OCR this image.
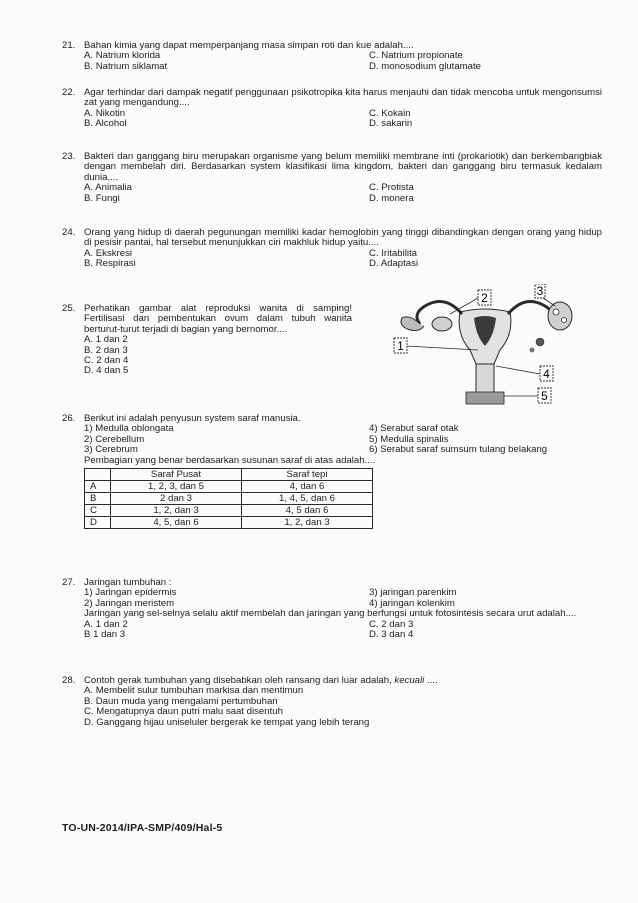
21. Bahan kimia yang dapat memperpanjang masa simpan roti dan kue adalah....
A. Natrium klorida	C. Natrium propionate
B. Natrium siklamat	D. monosodium glutamate
22. Agar terhindar dari dampak negatif penggunaan psikotropika kita harus menjauhi dan tidak mencoba untuk mengonsumsi zat yang mengandung....
A. Nikotin	C. Kokain
B. Alcohol	D. sakarin
23. Bakteri dan ganggang biru merupakan organisme yang belum memiliki membrane inti (prokariotik) dan berkembangbiak dengan membelah diri. Berdasarkan system klasifikasi lima kingdom, bakteri dan ganggang biru termasuk kedalam dunia....
A. Animalia	C. Protista
B. Fungi	D. monera
24. Orang yang hidup di daerah pegunungan memiliki kadar hemoglobin yang tinggi dibandingkan dengan orang yang hidup di pesisir pantai, hal tersebut menunjukkan ciri makhluk hidup yaitu....
A. Ekskresi	C. Iritabilita
B. Respirasi	D. Adaptasi
25. Perhatikan gambar alat reproduksi wanita di samping! Fertilisasi dan pembentukan ovum dalam tubuh wanita berturut-turut terjadi di bagian yang bernomor....
A. 1 dan 2
B. 2 dan 3
C. 2 dan 4
D. 4 dan 5
2	3
1
4
5
26. Berikut ini adalah penyusun system saraf manusia.
1) Medulla oblongata	4) Serabut saraf otak
2) Cerebellum	5) Medulla spinalis
3) Cerebrum	6) Serabut saraf sumsum tulang belakang
Pembagian yang benar berdasarkan susunan saraf di atas adalah....
	Saraf Pusat	Saraf tepi
A	1, 2, 3, dan 5	4, dan 6
B	2 dan 3	1, 4, 5, dan 6
C	1, 2, dan 3	4, 5 dan 6
D	4, 5, dan 6	1, 2, dan 3
27. Jaringan tumbuhan :
1) Jaringan epidermis	3) jaringan parenkim
2) Jaringan meristem	4) jaringan kolenkim
Jaringan yang sel-selnya selalu aktif membelah dan jaringan yang berfungsi untuk fotosintesis secara urut adalah....
A. 1 dan 2	C. 2 dan 3
B 1 dan 3	D. 3 dan 4
28. Contoh gerak tumbuhan yang disebabkan oleh ransang dari luar adalah, kecuali ....
A. Membelit sulur tumbuhan markisa dan mentimun
B. Daun muda yang mengalami pertumbuhan
C. Mengatupnya daun putri malu saat disentuh
D. Ganggang hijau uniseluler bergerak ke tempat yang lebih terang
TO-UN-2014/IPA-SMP/409/Hal-5
